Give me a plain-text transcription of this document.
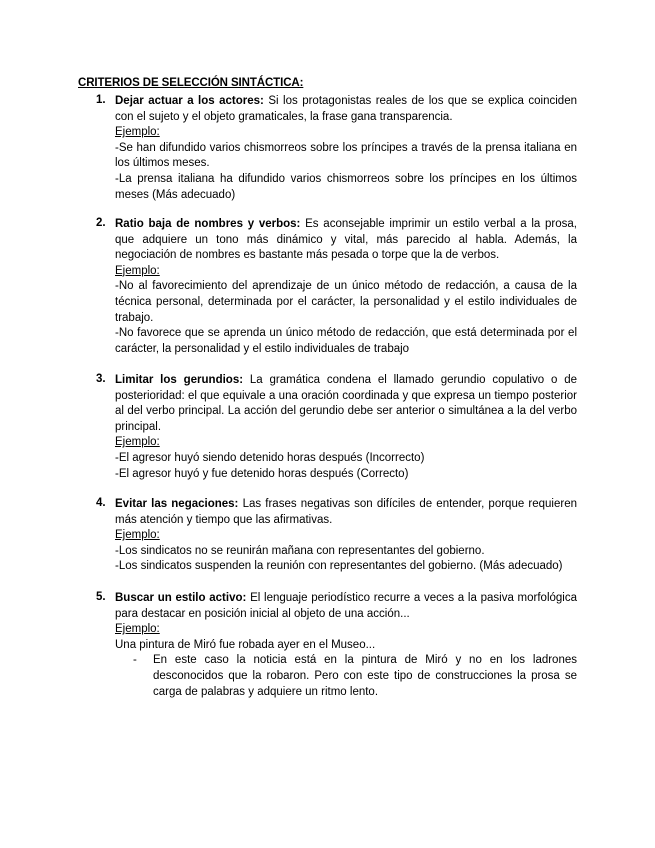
CRITERIOS DE SELECCIÓN SINTÁCTICA:
1. Dejar actuar a los actores: Si los protagonistas reales de los que se explica coinciden con el sujeto y el objeto gramaticales, la frase gana transparencia.

Ejemplo:

-Se han difundido varios chismorreos sobre los príncipes a través de la prensa italiana en los últimos meses.

-La prensa italiana ha difundido varios chismorreos sobre los príncipes en los últimos meses (Más adecuado)

2. Ratio baja de nombres y verbos: Es aconsejable imprimir un estilo verbal a la prosa, que adquiere un tono más dinámico y vital, más parecido al habla. Además, la negociación de nombres es bastante más pesada o torpe que la de verbos.

Ejemplo:

-No al favorecimiento del aprendizaje de un único método de redacción, a causa de la técnica personal, determinada por el carácter, la personalidad y el estilo individuales de trabajo.

-No favorece que se aprenda un único método de redacción, que está determinada por el carácter, la personalidad y el estilo individuales de trabajo

3. Limitar los gerundios: La gramática condena el llamado gerundio copulativo o de posterioridad: el que equivale a una oración coordinada y que expresa un tiempo posterior al del verbo principal. La acción del gerundio debe ser anterior o simultánea a la del verbo principal.

Ejemplo:

-El agresor huyó siendo detenido horas después (Incorrecto)

-El agresor huyó y fue detenido horas después (Correcto)

4. Evitar las negaciones: Las frases negativas son difíciles de entender, porque requieren más atención y tiempo que las afirmativas.

Ejemplo:

-Los sindicatos no se reunirán mañana con representantes del gobierno.

-Los sindicatos suspenden la reunión con representantes del gobierno. (Más adecuado)

5. Buscar un estilo activo: El lenguaje periodístico recurre a veces a la pasiva morfológica para destacar en posición inicial al objeto de una acción...

Ejemplo:

Una pintura de Miró fue robada ayer en el Museo...

- En este caso la noticia está en la pintura de Miró y no en los ladrones desconocidos que la robaron. Pero con este tipo de construcciones la prosa se carga de palabras y adquiere un ritmo lento.
